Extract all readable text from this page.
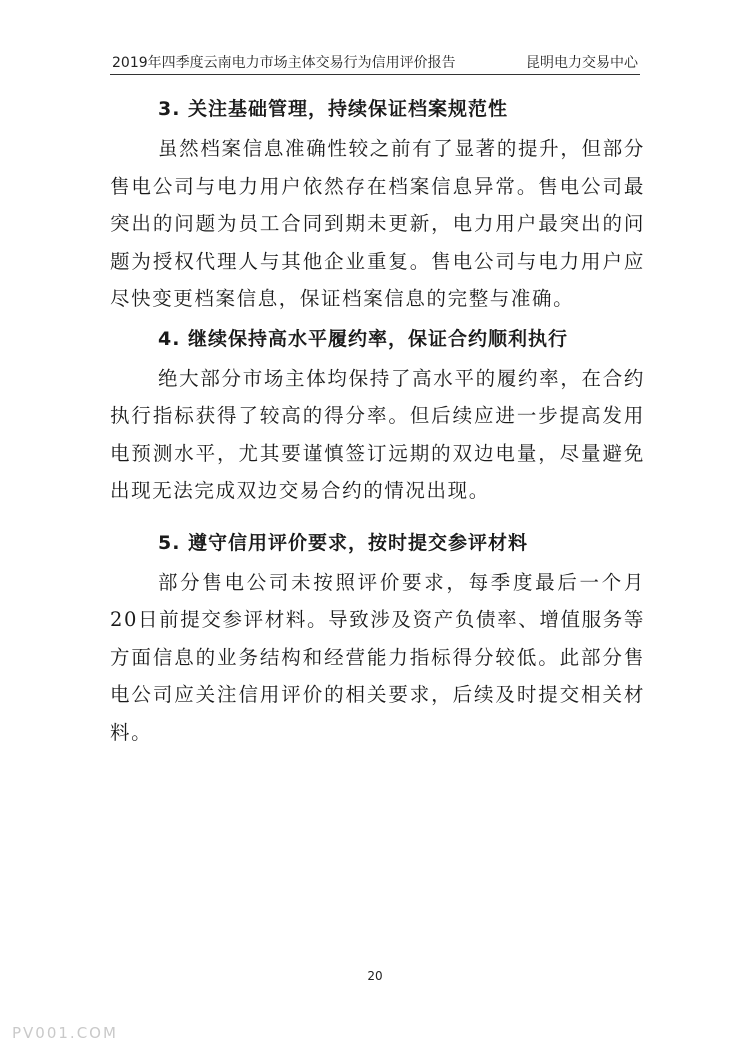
2019年四季度云南电力市场主体交易行为信用评价报告	昆明电力交易中心
3. 关注基础管理，持续保证档案规范性

虽然档案信息准确性较之前有了显著的提升，但部分售电公司与电力用户依然存在档案信息异常。售电公司最突出的问题为员工合同到期未更新，电力用户最突出的问题为授权代理人与其他企业重复。售电公司与电力用户应尽快变更档案信息，保证档案信息的完整与准确。

4. 继续保持高水平履约率，保证合约顺利执行

绝大部分市场主体均保持了高水平的履约率，在合约执行指标获得了较高的得分率。但后续应进一步提高发用电预测水平，尤其要谨慎签订远期的双边电量，尽量避免出现无法完成双边交易合约的情况出现。

5. 遵守信用评价要求，按时提交参评材料

部分售电公司未按照评价要求，每季度最后一个月 20日前提交参评材料。导致涉及资产负债率、增值服务等方面信息的业务结构和经营能力指标得分较低。此部分售电公司应关注信用评价的相关要求，后续及时提交相关材料。

20
PV001.COM
